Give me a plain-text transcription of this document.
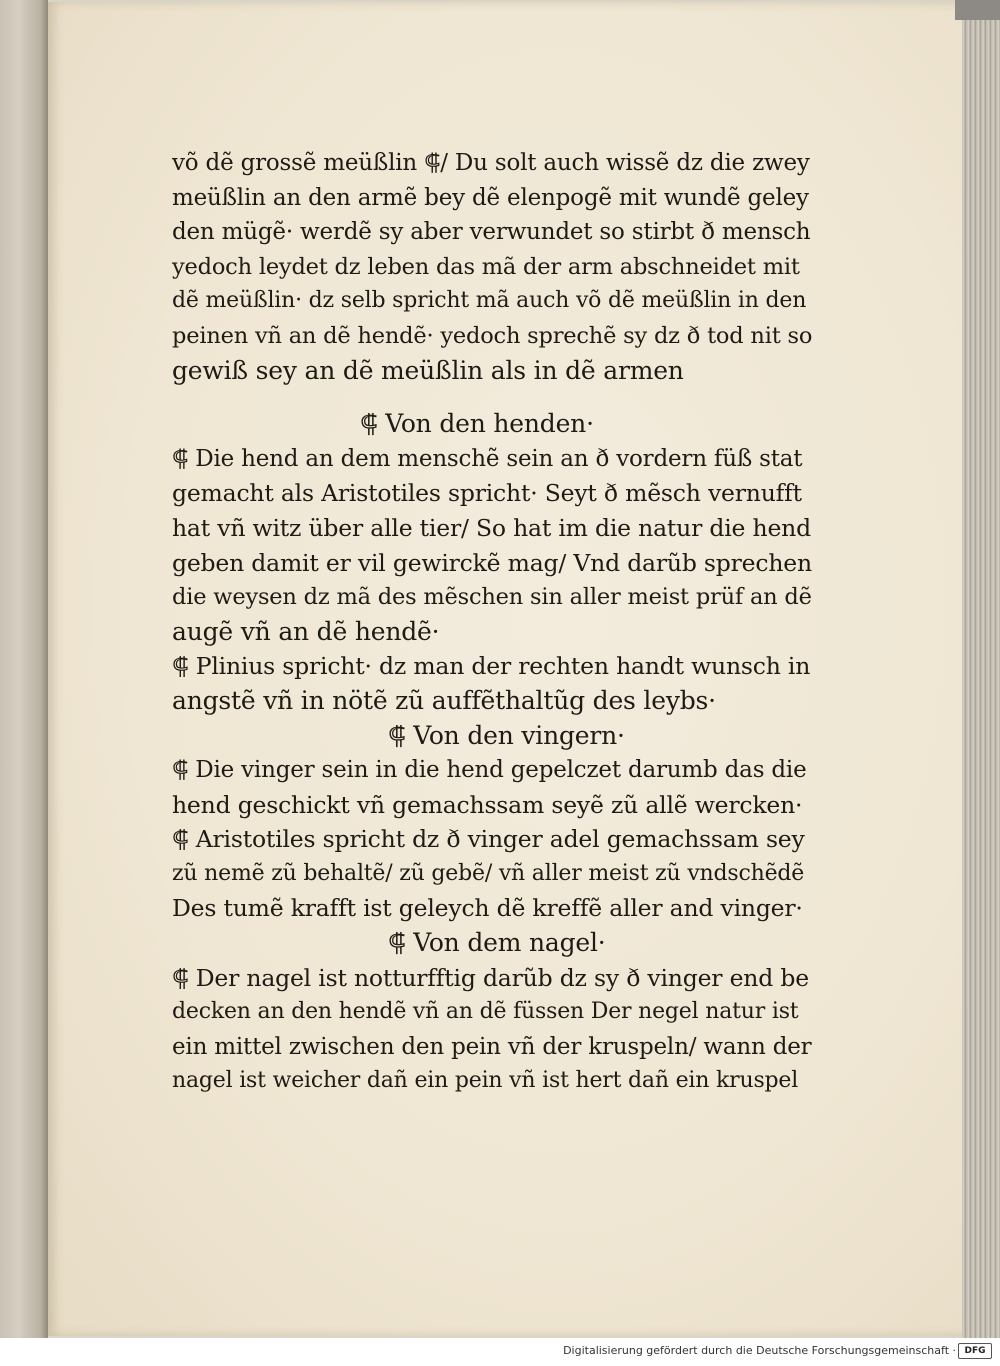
võ dẽ grossẽ meüßlin ⸿/ Du solt auch wissẽ dz die zwey
meüßlin an den armẽ bey dẽ elenpogẽ mit wundẽ geley
den mügẽ· werdẽ sy aber verwundet so stirbt ð mensch
yedoch leydet dz leben das mã der arm abschneidet mit
dẽ meüßlin· dz selb spricht mã auch võ dẽ meüßlin in den
peinen vñ an dẽ hendẽ· yedoch sprechẽ sy dz ð tod nit so
gewiß sey an dẽ meüßlin als in dẽ armen
⸿ Von den henden·
⸿ Die hend an dem menschẽ sein an ð vordern füß stat
gemacht als Aristotiles spricht· Seyt ð mẽsch vernufft
hat vñ witz über alle tier/ So hat im die natur die hend
geben damit er vil gewirckẽ mag/ Vnd darũb sprechen
die weysen dz mã des mẽschen sin aller meist prüf an dẽ
augẽ vñ an dẽ hendẽ·
⸿ Plinius spricht· dz man der rechten handt wunsch in
angstẽ vñ in nötẽ zũ auffẽthaltũg des leybs·
⸿ Von den vingern·
⸿ Die vinger sein in die hend gepelczet darumb das die
hend geschickt vñ gemachssam seyẽ zũ allẽ wercken·
⸿ Aristotiles spricht dz ð vinger adel gemachssam sey
zũ nemẽ zũ behaltẽ/ zũ gebẽ/ vñ aller meist zũ vndschẽdẽ
Des tumẽ krafft ist geleych dẽ kreffẽ aller and vinger·
⸿ Von dem nagel·
⸿ Der nagel ist notturfftig darũb dz sy ð vinger end be
decken an den hendẽ vñ an dẽ füssen Der negel natur ist
ein mittel zwischen den pein vñ der kruspeln/ wann der
nagel ist weicher dañ ein pein vñ ist hert dañ ein kruspel
Digitalisierung gefördert durch die Deutsche Forschungsgemeinschaft · DFG
